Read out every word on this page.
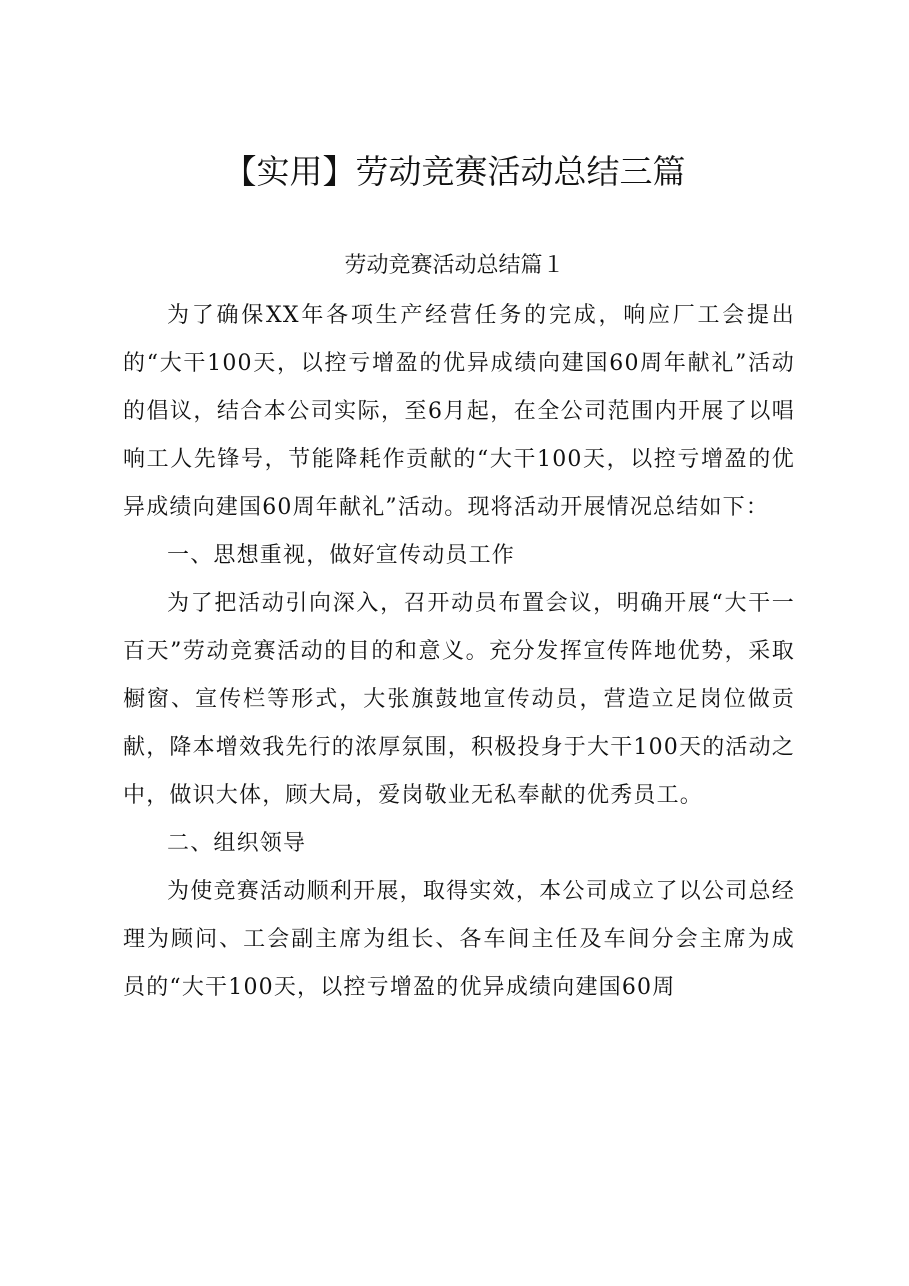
【实用】劳动竞赛活动总结三篇
劳动竞赛活动总结篇１

为了确保XX年各项生产经营任务的完成，响应厂工会提出的“大干100天，以控亏增盈的优异成绩向建国60周年献礼”活动的倡议，结合本公司实际，至6月起，在全公司范围内开展了以唱响工人先锋号，节能降耗作贡献的“大干100天，以控亏增盈的优异成绩向建国60周年献礼”活动。现将活动开展情况总结如下：

一、思想重视，做好宣传动员工作

为了把活动引向深入，召开动员布置会议，明确开展“大干一百天”劳动竞赛活动的目的和意义。充分发挥宣传阵地优势，采取橱窗、宣传栏等形式，大张旗鼓地宣传动员，营造立足岗位做贡献，降本增效我先行的浓厚氛围，积极投身于大干100天的活动之中，做识大体，顾大局，爱岗敬业无私奉献的优秀员工。

二、组织领导

为使竞赛活动顺利开展，取得实效，本公司成立了以公司总经理为顾问、工会副主席为组长、各车间主任及车间分会主席为成员的“大干100天，以控亏增盈的优异成绩向建国60周
